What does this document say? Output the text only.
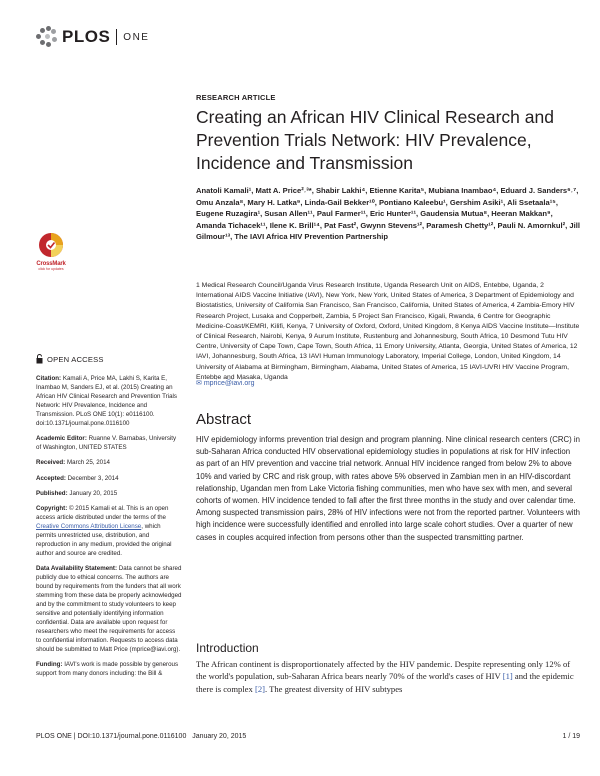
PLOS ONE
RESEARCH ARTICLE
Creating an African HIV Clinical Research and Prevention Trials Network: HIV Prevalence, Incidence and Transmission
Anatoli Kamali¹, Matt A. Price²˒³*, Shabir Lakhi⁴, Etienne Karita⁵, Mubiana Inambao⁴, Eduard J. Sanders⁶˒⁷, Omu Anzala⁸, Mary H. Latka⁹, Linda-Gail Bekker¹⁰, Pontiano Kaleebu¹, Gershim Asiki¹, Ali Ssetaala¹⁵, Eugene Ruzagira¹, Susan Allen¹¹, Paul Farmer¹¹, Eric Hunter¹¹, Gaudensia Mutua⁸, Heeran Makkan⁹, Amanda Tichacek¹¹, Ilene K. Brill¹⁴, Pat Fast², Gwynn Stevens¹², Paramesh Chetty¹², Pauli N. Amornkul², Jill Gilmour¹³, The IAVI Africa HIV Prevention Partnership
1 Medical Research Council/Uganda Virus Research Institute, Uganda Research Unit on AIDS, Entebbe, Uganda, 2 International AIDS Vaccine Initiative (IAVI), New York, New York, United States of America, 3 Department of Epidemiology and Biostatistics, University of California San Francisco, San Francisco, California, United States of America, 4 Zambia-Emory HIV Research Project, Lusaka and Copperbelt, Zambia, 5 Project San Francisco, Kigali, Rwanda, 6 Centre for Geographic Medicine-Coast/KEMRI, Kilifi, Kenya, 7 University of Oxford, Oxford, United Kingdom, 8 Kenya AIDS Vaccine Institute—Institute of Clinical Research, Nairobi, Kenya, 9 Aurum Institute, Rustenburg and Johannesburg, South Africa, 10 Desmond Tutu HIV Centre, University of Cape Town, Cape Town, South Africa, 11 Emory University, Atlanta, Georgia, United States of America, 12 IAVI, Johannesburg, South Africa, 13 IAVI Human Immunology Laboratory, Imperial College, London, United Kingdom, 14 University of Alabama at Birmingham, Birmingham, Alabama, United States of America, 15 IAVI-UVRI HIV Vaccine Program, Entebbe and Masaka, Uganda
✉ mprice@iavi.org
CrossMark
click for updates
OPEN ACCESS

Citation: Kamali A, Price MA, Lakhi S, Karita E, Inambao M, Sanders EJ, et al. (2015) Creating an African HIV Clinical Research and Prevention Trials Network: HIV Prevalence, Incidence and Transmission. PLoS ONE 10(1): e0116100. doi:10.1371/journal.pone.0116100

Academic Editor: Ruanne V. Barnabas, University of Washington, UNITED STATES

Received: March 25, 2014

Accepted: December 3, 2014

Published: January 20, 2015

Copyright: © 2015 Kamali et al. This is an open access article distributed under the terms of the Creative Commons Attribution License, which permits unrestricted use, distribution, and reproduction in any medium, provided the original author and source are credited.

Data Availability Statement: Data cannot be shared publicly due to ethical concerns. The authors are bound by requirements from the funders that all work stemming from these data be properly acknowledged and by the commitment to study volunteers to keep sensitive and potentially identifying information confidential. Data are available upon request for researchers who meet the requirements for access to confidential information. Requests to access data should be submitted to Matt Price (mprice@iavi.org).

Funding: IAVI's work is made possible by generous support from many donors including: the Bill &

Abstract
HIV epidemiology informs prevention trial design and program planning. Nine clinical research centers (CRC) in sub-Saharan Africa conducted HIV observational epidemiology studies in populations at risk for HIV infection as part of an HIV prevention and vaccine trial network. Annual HIV incidence ranged from below 2% to above 10% and varied by CRC and risk group, with rates above 5% observed in Zambian men in an HIV-discordant relationship, Ugandan men from Lake Victoria fishing communities, men who have sex with men, and several cohorts of women. HIV incidence tended to fall after the first three months in the study and over calendar time. Among suspected transmission pairs, 28% of HIV infections were not from the reported partner. Volunteers with high incidence were successfully identified and enrolled into large scale cohort studies. Over a quarter of new cases in couples acquired infection from persons other than the suspected transmitting partner.
Introduction
The African continent is disproportionately affected by the HIV pandemic. Despite representing only 12% of the world's population, sub-Saharan Africa bears nearly 70% of the world's cases of HIV [1] and the epidemic there is complex [2]. The greatest diversity of HIV subtypes
PLOS ONE | DOI:10.1371/journal.pone.0116100 January 20, 2015	1 / 19
